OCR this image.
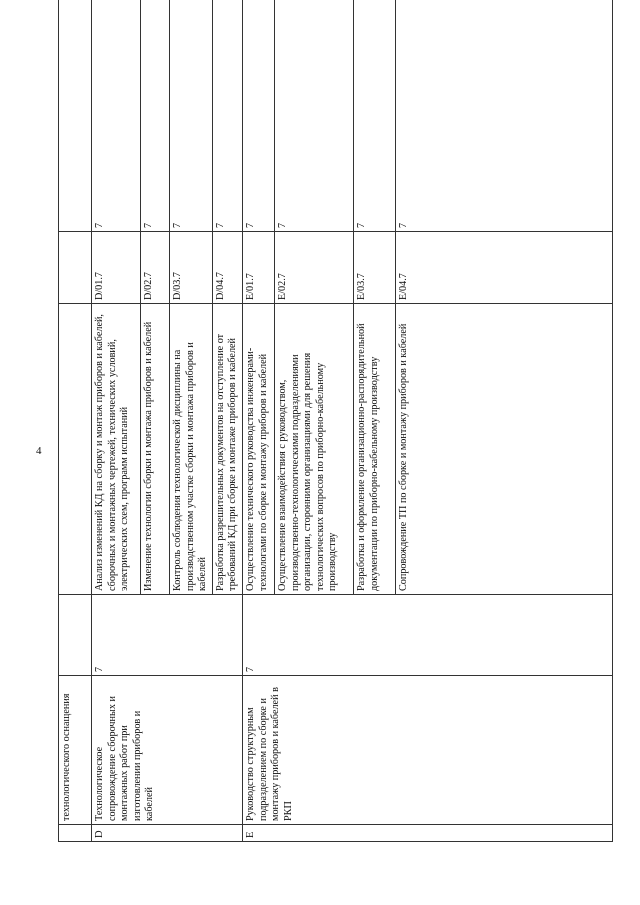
4
	технологического оснащения				
D	Технологическое сопровождение сборочных и монтажных работ при изготовлении приборов и кабелей	7	Анализ изменений КД на сборку и монтаж приборов и кабелей, сборочных и монтажных чертежей, технических условий, электрических схем, программ испытаний	D/01.7	7
			Изменение технологии сборки и монтажа приборов и кабелей	D/02.7	7
			Контроль соблюдения технологической дисциплины на производственном участке сборки и монтажа приборов и кабелей	D/03.7	7
			Разработка разрешительных документов на отступление от требований КД при сборке и монтаже приборов и кабелей	D/04.7	7
E	Руководство структурным подразделением по сборке и монтажу приборов и кабелей в РКП	7	Осуществление технического руководства инженерами-технологами по сборке и монтажу приборов и кабелей	E/01.7	7
			Осуществление взаимодействия с руководством, производственно-технологическими подразделениями организации, сторонними организациями для решения технологических вопросов по приборно-кабельному производству	E/02.7	7
			Разработка и оформление организационно-распорядительной документации по приборно-кабельному производству	E/03.7	7
			Сопровождение ТП по сборке и монтажу приборов и кабелей	E/04.7	7
